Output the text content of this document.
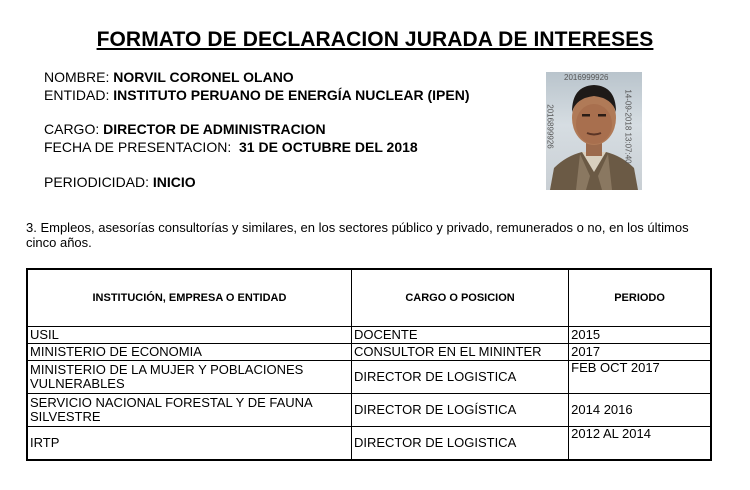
FORMATO DE DECLARACION JURADA DE INTERESES
NOMBRE: NORVIL CORONEL OLANO
ENTIDAD: INSTITUTO PERUANO DE ENERGÍA NUCLEAR (IPEN)
CARGO: DIRECTOR DE ADMINISTRACION
FECHA DE PRESENTACION:  31 DE OCTUBRE DEL 2018
PERIODICIDAD: INICIO
2016999926
14-09-2018 13:07:40
2016899926
3. Empleos, asesorías consultorías y similares, en los sectores público y privado, remunerados o no, en los últimos cinco años.
INSTITUCIÓN, EMPRESA O ENTIDAD	CARGO O POSICION	PERIODO
USIL	DOCENTE	2015
MINISTERIO DE ECONOMIA	CONSULTOR EN EL MININTER	2017
MINISTERIO DE LA MUJER Y POBLACIONES VULNERABLES	DIRECTOR DE LOGISTICA	FEB OCT 2017
SERVICIO NACIONAL FORESTAL Y DE FAUNA SILVESTRE	DIRECTOR DE LOGÍSTICA	2014 2016
IRTP	DIRECTOR DE LOGISTICA	2012 AL 2014
